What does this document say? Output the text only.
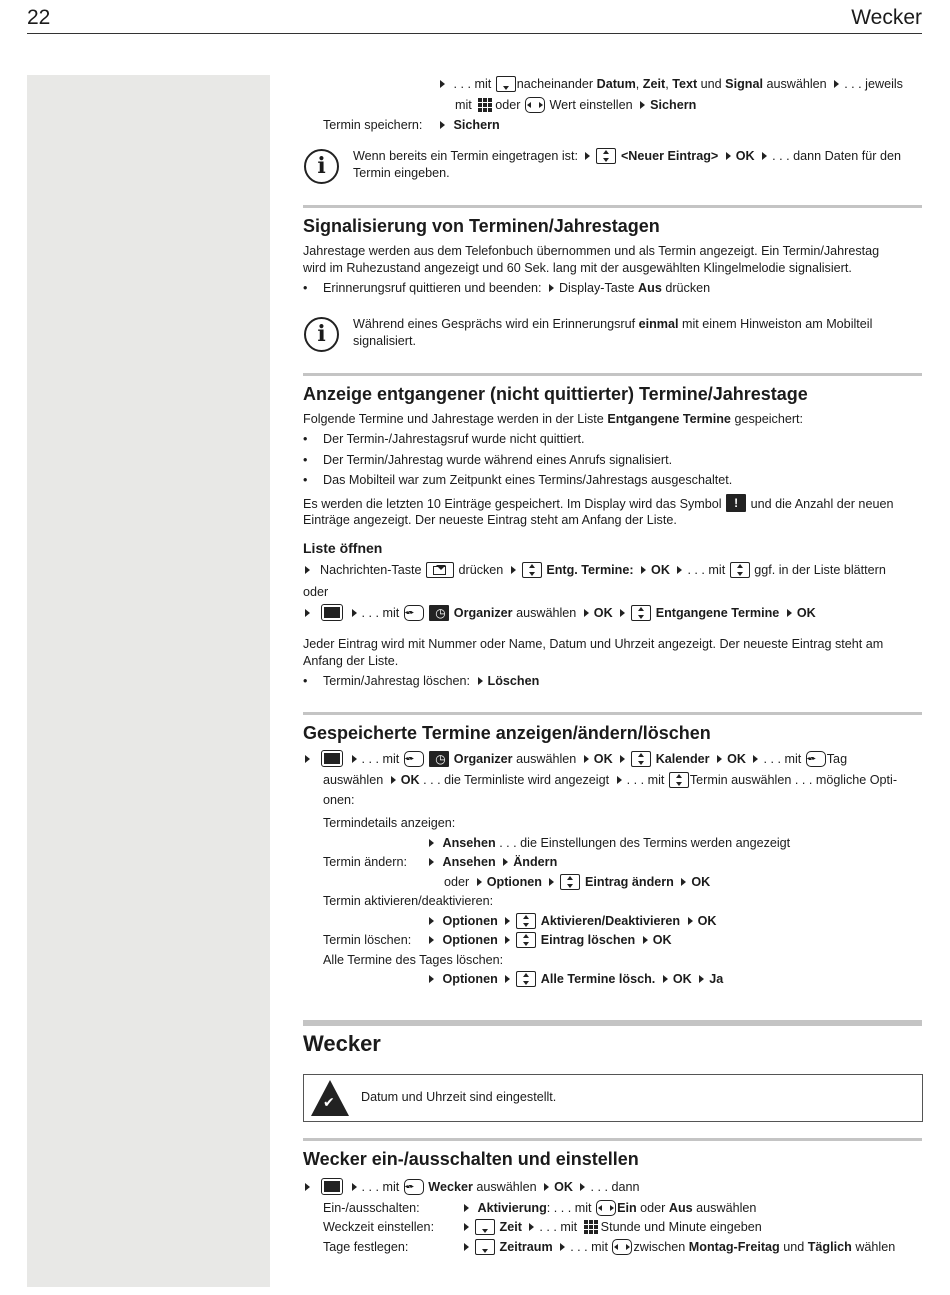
22	Wecker
. . . mit nacheinander Datum, Zeit, Text und Signal auswählen . . . jeweils
mit oder Wert einstellen Sichern
Termin speichern:	Sichern
i	Wenn bereits ein Termin eingetragen ist:	<Neuer Eintrag> OK . . . dann Daten für den
Termin eingeben.
Signalisierung von Terminen/Jahrestagen
Jahrestage werden aus dem Telefonbuch übernommen und als Termin angezeigt. Ein Termin/Jahrestag
wird im Ruhezustand angezeigt und 60 Sek. lang mit der ausgewählten Klingelmelodie signalisiert.
• Erinnerungsruf quittieren und beenden: Display-Taste Aus drücken
i	Während eines Gesprächs wird ein Erinnerungsruf einmal mit einem Hinweiston am Mobilteil
signalisiert.
Anzeige entgangener (nicht quittierter) Termine/Jahrestage
Folgende Termine und Jahrestage werden in der Liste Entgangene Termine gespeichert:
• Der Termin-/Jahrestagsruf wurde nicht quittiert.
• Der Termin/Jahrestag wurde während eines Anrufs signalisiert.
• Das Mobilteil war zum Zeitpunkt eines Termins/Jahrestags ausgeschaltet.
Es werden die letzten 10 Einträge gespeichert. Im Display wird das Symbol ! und die Anzahl der neuen
Einträge angezeigt. Der neueste Eintrag steht am Anfang der Liste.
Liste öffnen
Nachrichten-Taste	drücken	Entg. Termine: OK . . . mit ggf. in der Liste blättern
oder
. . . mit ◂▴▾▸ ◷	Organizer auswählen OK	Entgangene Termine OK
Jeder Eintrag wird mit Nummer oder Name, Datum und Uhrzeit angezeigt. Der neueste Eintrag steht am
Anfang der Liste.
• Termin/Jahrestag löschen: Löschen
Gespeicherte Termine anzeigen/ändern/löschen
. . . mit ◂▴▾▸ ◷	Organizer auswählen OK	Kalender OK . . . mit ◂▴▾▸ Tag
auswählen OK . . . die Terminliste wird angezeigt . . . mit Termin auswählen . . . mögliche Opti-
onen:
Termindetails anzeigen:
Ansehen . . . die Einstellungen des Termins werden angezeigt
Termin ändern:	Ansehen Ändern
oder Optionen	Eintrag ändern OK
Termin aktivieren/deaktivieren:
Optionen	Aktivieren/Deaktivieren OK
Termin löschen:	Optionen	Eintrag löschen OK
Alle Termine des Tages löschen:
Optionen	Alle Termine lösch. OK Ja
Wecker
✔
Datum und Uhrzeit sind eingestellt.
Wecker ein-/ausschalten und einstellen
. . . mit ◂▴▾▸ Wecker auswählen OK . . . dann
Ein-/ausschalten:	Aktivierung: . . . mit Ein oder Aus auswählen
Weckzeit einstellen:	Zeit . . . mit Stunde und Minute eingeben
Tage festlegen:	Zeitraum . . . mit zwischen Montag-Freitag und Täglich wählen
